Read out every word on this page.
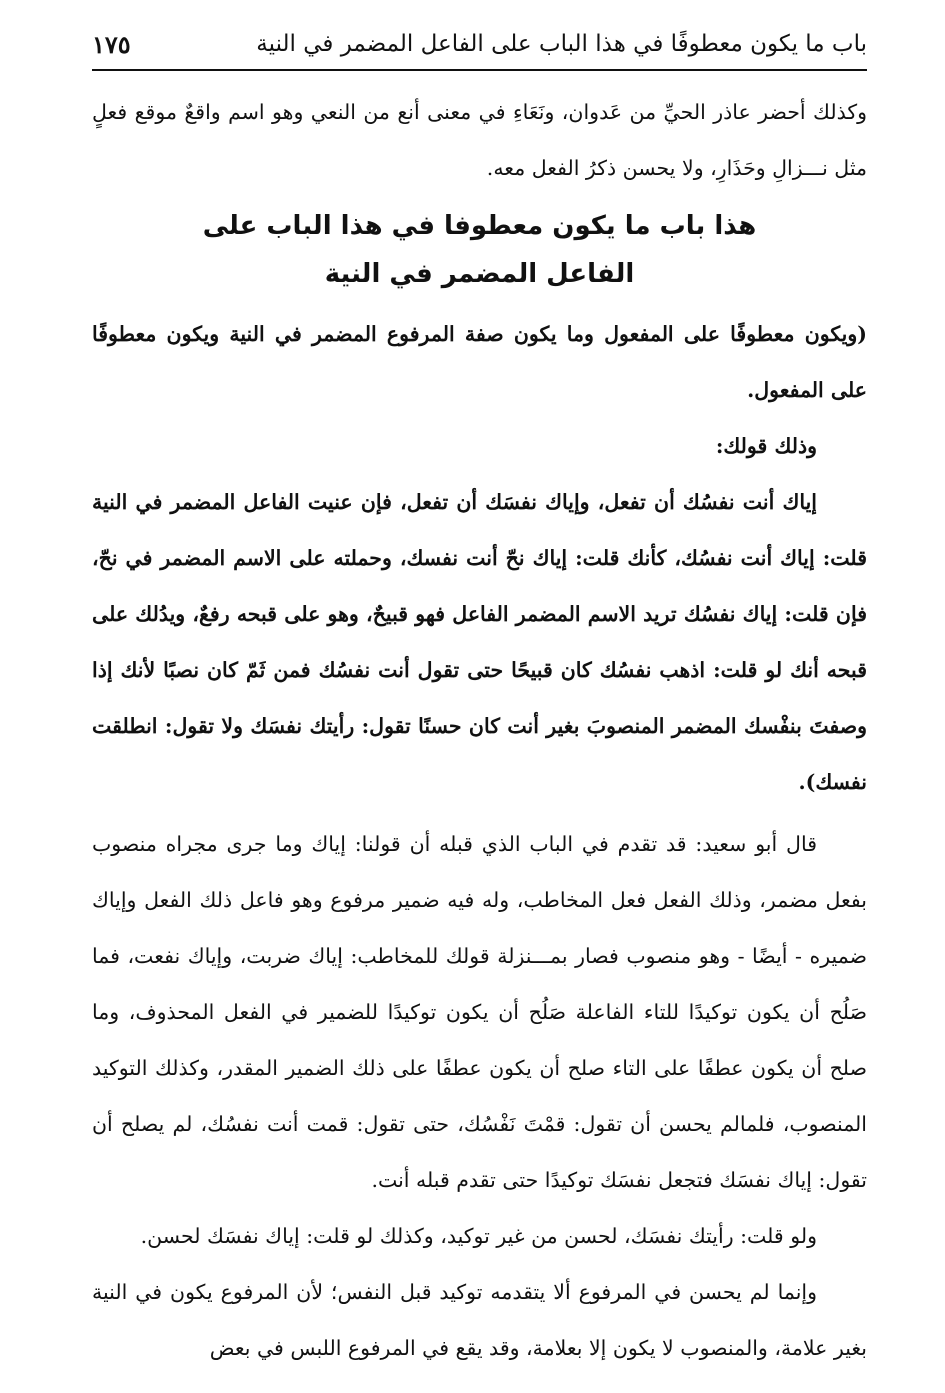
باب ما يكون معطوفًا في هذا الباب على الفاعل المضمر في النية
١٧٥

وكذلك أحضر عاذر الحيِّ من عَدوان، ونَعَاءِ في معنى أنع من النعي وهو اسم واقعٌ موقع فعلٍ مثل نـــزالِ وحَذَارِ، ولا يحسن ذكرُ الفعل معه.

هذا باب ما يكون معطوفا في هذا الباب على
الفاعل المضمر في النية

(ويكون معطوفًا على المفعول وما يكون صفة المرفوع المضمر في النية ويكون معطوفًا على المفعول.

وذلك قولك:

إياك أنت نفسُك أن تفعل، وإياك نفسَك أن تفعل، فإن عنيت الفاعل المضمر في النية قلت: إياك أنت نفسُك، كأنك قلت: إياك نحّ أنت نفسك، وحملته على الاسم المضمر في نحّ، فإن قلت: إياك نفسُك تريد الاسم المضمر الفاعل فهو قبيحٌ، وهو على قبحه رفعٌ، ويدُلك على قبحه أنك لو قلت: اذهب نفسُك كان قبيحًا حتى تقول أنت نفسُك فمن ثَمّ كان نصبًا لأنك إذا وصفتَ بنفْسك المضمر المنصوبَ بغير أنت كان حسنًا تقول: رأيتك نفسَك ولا تقول: انطلقت نفسك).

قال أبو سعيد: قد تقدم في الباب الذي قبله أن قولنا: إياك وما جرى مجراه منصوب بفعل مضمر، وذلك الفعل فعل المخاطب، وله فيه ضمير مرفوع وهو فاعل ذلك الفعل وإياك ضميره - أيضًا - وهو منصوب فصار بمـــنزلة قولك للمخاطب: إياك ضربت، وإياك نفعت، فما صَلُح أن يكون توكيدًا للتاء الفاعلة صَلُح أن يكون توكيدًا للضمير في الفعل المحذوف، وما صلح أن يكون عطفًا على التاء صلح أن يكون عطفًا على ذلك الضمير المقدر، وكذلك التوكيد المنصوب، فلمالم يحسن أن تقول: قمْتَ نَفْسُك، حتى تقول: قمت أنت نفسُك، لم يصلح أن تقول: إياك نفسَك فتجعل نفسَك توكيدًا حتى تقدم قبله أنت.

ولو قلت: رأيتك نفسَك، لحسن من غير توكيد، وكذلك لو قلت: إياك نفسَك لحسن.

وإنما لم يحسن في المرفوع ألا يتقدمه توكيد قبل النفس؛ لأن المرفوع يكون في النية بغير علامة، والمنصوب لا يكون إلا بعلامة، وقد يقع في المرفوع اللبس في بعض
